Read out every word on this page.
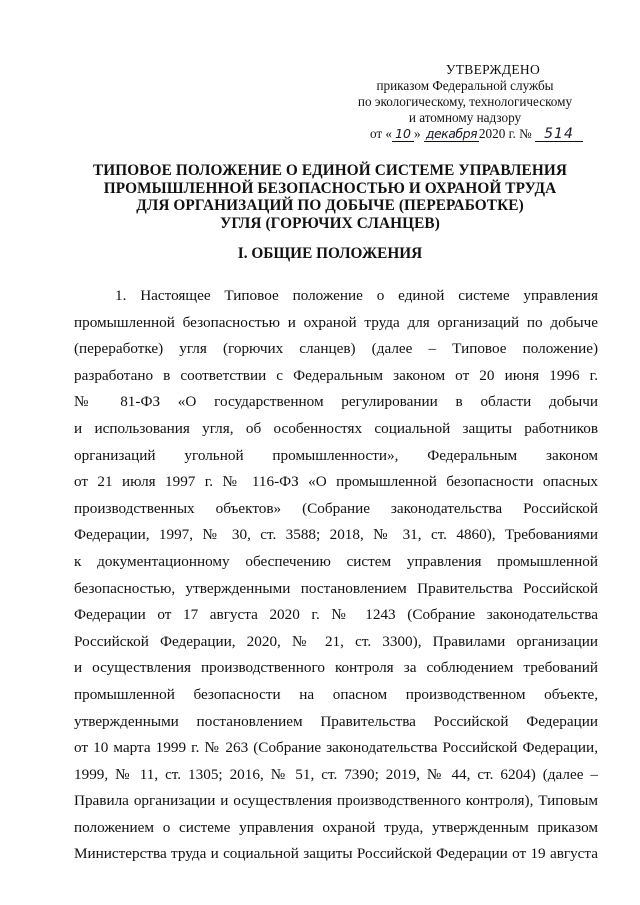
УТВЕРЖДЕНО
приказом Федеральной службы
по экологическому, технологическому
и атомному надзору
от « 10 » декабря 2020 г. № 514
ТИПОВОЕ ПОЛОЖЕНИЕ О ЕДИНОЙ СИСТЕМЕ УПРАВЛЕНИЯ
ПРОМЫШЛЕННОЙ БЕЗОПАСНОСТЬЮ И ОХРАНОЙ ТРУДА
ДЛЯ ОРГАНИЗАЦИЙ ПО ДОБЫЧЕ (ПЕРЕРАБОТКЕ)
УГЛЯ (ГОРЮЧИХ СЛАНЦЕВ)
I. ОБЩИЕ ПОЛОЖЕНИЯ
1. Настоящее Типовое положение о единой системе управления
промышленной безопасностью и охраной труда для организаций по добыче
(переработке) угля (горючих сланцев) (далее – Типовое положение)
разработано в соответствии с Федеральным законом от 20 июня 1996 г.
№ 81-ФЗ «О государственном регулировании в области добычи
и использования угля, об особенностях социальной защиты работников
организаций угольной промышленности», Федеральным законом
от 21 июля 1997 г. № 116-ФЗ «О промышленной безопасности опасных
производственных объектов» (Собрание законодательства Российской
Федерации, 1997, № 30, ст. 3588; 2018, № 31, ст. 4860), Требованиями
к документационному обеспечению систем управления промышленной
безопасностью, утвержденными постановлением Правительства Российской
Федерации от 17 августа 2020 г. № 1243 (Собрание законодательства
Российской Федерации, 2020, № 21, ст. 3300), Правилами организации
и осуществления производственного контроля за соблюдением требований
промышленной безопасности на опасном производственном объекте,
утвержденными постановлением Правительства Российской Федерации
от 10 марта 1999 г. № 263 (Собрание законодательства Российской Федерации,
1999, № 11, ст. 1305; 2016, № 51, ст. 7390; 2019, № 44, ст. 6204) (далее –
Правила организации и осуществления производственного контроля), Типовым
положением о системе управления охраной труда, утвержденным приказом
Министерства труда и социальной защиты Российской Федерации от 19 августа
